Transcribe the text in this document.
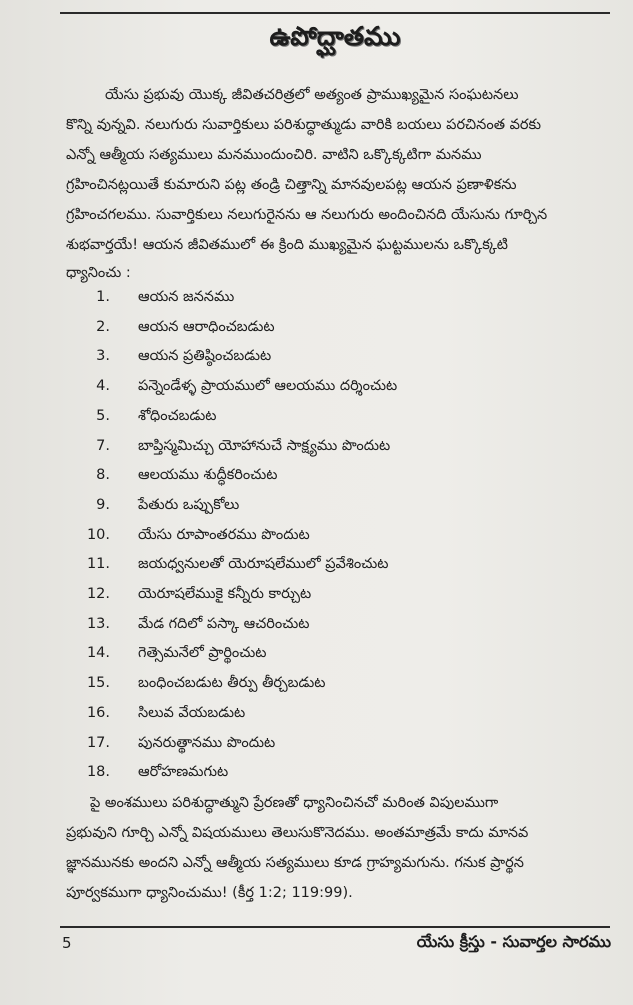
ఉపోద్ఘాతము
యేసు ప్రభువు యొక్క జీవితచరిత్రలో అత్యంత ప్రాముఖ్యమైన సంఘటనలు
కొన్ని వున్నవి. నలుగురు సువార్తికులు పరిశుద్ధాత్ముడు వారికి బయలు పరచినంత వరకు
ఎన్నో ఆత్మీయ సత్యములు మనముందుంచిరి. వాటిని ఒక్కొక్కటిగా మనము
గ్రహించినట్లయితే కుమారుని పట్ల తండ్రి చిత్తాన్ని మానవులపట్ల ఆయన ప్రణాళికను
గ్రహించగలము. సువార్తికులు నలుగురైనను ఆ నలుగురు అందించినది యేసును గూర్చిన
శుభవార్తయే! ఆయన జీవితములో ఈ క్రింది ముఖ్యమైన ఘట్టములను ఒక్కొక్కటి
ధ్యానించు :
1. ఆయన జననము
2. ఆయన ఆరాధించబడుట
3. ఆయన ప్రతిష్ఠించబడుట
4. పన్నెండేళ్ళ ప్రాయములో ఆలయము దర్శించుట
5. శోధించబడుట
7. బాప్తిస్మమిచ్చు యోహానుచే సాక్ష్యము పొందుట
8. ఆలయము శుద్ధీకరించుట
9. పేతురు ఒప్పుకోలు
10. యేసు రూపాంతరము పొందుట
11. జయధ్వనులతో యెరూషలేములో ప్రవేశించుట
12. యెరూషలేముకై కన్నీరు కార్చుట
13. మేడ గదిలో పస్కా ఆచరించుట
14. గెత్సెమనేలో ప్రార్థించుట
15. బంధించబడుట తీర్పు తీర్చబడుట
16. సిలువ వేయబడుట
17. పునరుత్థానము పొందుట
18. ఆరోహణమగుట
పై అంశములు పరిశుద్ధాత్ముని ప్రేరణతో ధ్యానించినచో మరింత విపులముగా
ప్రభువుని గూర్చి ఎన్నో విషయములు తెలుసుకొనెదము. అంతమాత్రమే కాదు మానవ
జ్ఞానమునకు అందని ఎన్నో ఆత్మీయ సత్యములు కూడ గ్రాహ్యమగును. గనుక ప్రార్థన
పూర్వకముగా ధ్యానించుము! (కీర్త 1:2; 119:99).
5	యేసు క్రీస్తు - సువార్తల సారము
